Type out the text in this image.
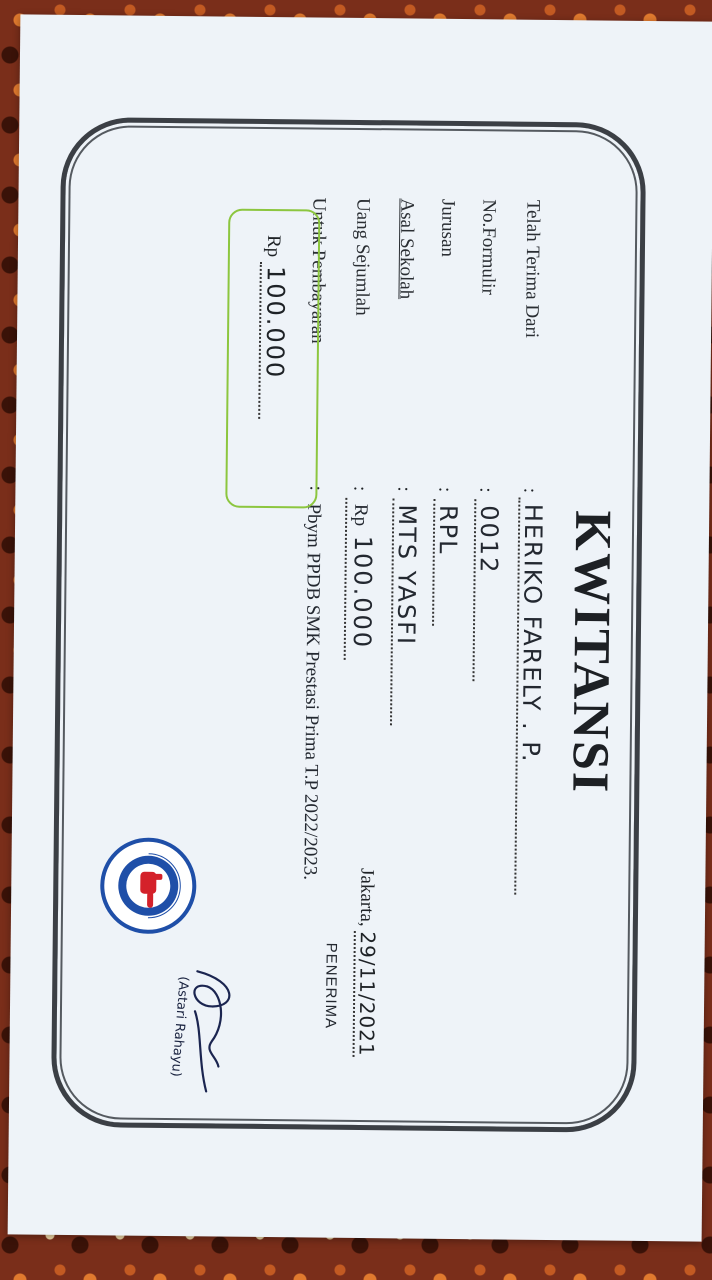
KWITANSI
Telah Terima Dari
:
HERIKO FARELY . P.
No.Formulir
:
0012
Jurusan
:
RPL
Asal Sekolah
:
MTS YASFI
Uang Sejumlah
:
Rp 100.000
Untuk Pembayaran
:
Pbym PPDB SMK Prestasi Prima T.P 2022/2023.
Rp 100.000
Jakarta, 29/11/2021
PENERIMA
(Astari Rahayu)
